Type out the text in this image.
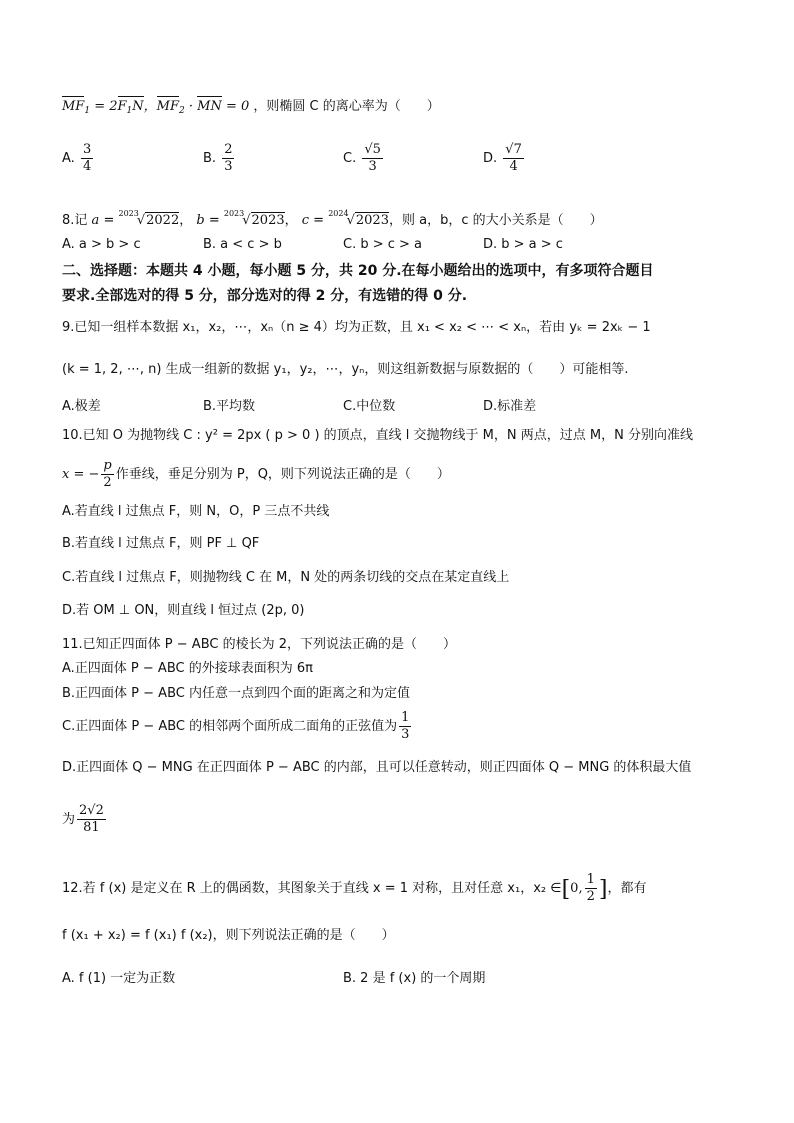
$MF_1 = 2F_1N$，$MF_2$ · MN = 0 ，则椭圆 C 的离心率为（　　）
A. $\frac{3}{4}$	B. $\frac{2}{3}$	C. $\frac{√5}{3}$	D. $\frac{√7}{4}$
8.记 a = $^{2023}$√2022， b = $^{2023}$√2023， c = $^{2024}$√2023，则 a，b，c 的大小关系是（　　）
A. a > b > c	B. a < c > b	C. b > c > a	D. b > a > c
二、选择题：本题共 4 小题，每小题 5 分，共 20 分.在每小题给出的选项中，有多项符合题目
要求.全部选对的得 5 分，部分选对的得 2 分，有选错的得 0 分.
9.已知一组样本数据 x₁，x₂，⋯，xₙ（n ≥ 4）均为正数，且 x₁ < x₂ < ⋯ < xₙ，若由 yₖ = 2xₖ − 1
(k = 1, 2, ⋯, n) 生成一组新的数据 y₁，y₂，⋯，yₙ，则这组新数据与原数据的（　　）可能相等.
A.极差	B.平均数	C.中位数	D.标准差
10.已知 O 为抛物线 C : y² = 2px ( p > 0 ) 的顶点，直线 l 交抛物线于 M，N 两点，过点 M，N 分别向准线
x = − $\frac{p}{2}$ 作垂线，垂足分别为 P，Q，则下列说法正确的是（　　）
A.若直线 l 过焦点 F，则 N，O，P 三点不共线
B.若直线 l 过焦点 F，则 PF ⊥ QF
C.若直线 l 过焦点 F，则抛物线 C 在 M，N 处的两条切线的交点在某定直线上
D.若 OM ⊥ ON，则直线 l 恒过点 (2p, 0)
11.已知正四面体 P − ABC 的棱长为 2，下列说法正确的是（　　）
A.正四面体 P − ABC 的外接球表面积为 6π
B.正四面体 P − ABC 内任意一点到四个面的距离之和为定值
C.正四面体 P − ABC 的相邻两个面所成二面角的正弦值为 $\frac{1}{3}$
D.正四面体 Q − MNG 在正四面体 P − ABC 的内部，且可以任意转动，则正四面体 Q − MNG 的体积最大值
为 $\frac{2√2}{81}$
12.若 f (x) 是定义在 R 上的偶函数，其图象关于直线 x = 1 对称，且对任意 x₁，x₂ ∈[0, $\frac{1}{2}$ ]，都有
f (x₁ + x₂) = f (x₁) f (x₂)，则下列说法正确的是（　　）
A. f (1) 一定为正数	B. 2 是 f (x) 的一个周期
